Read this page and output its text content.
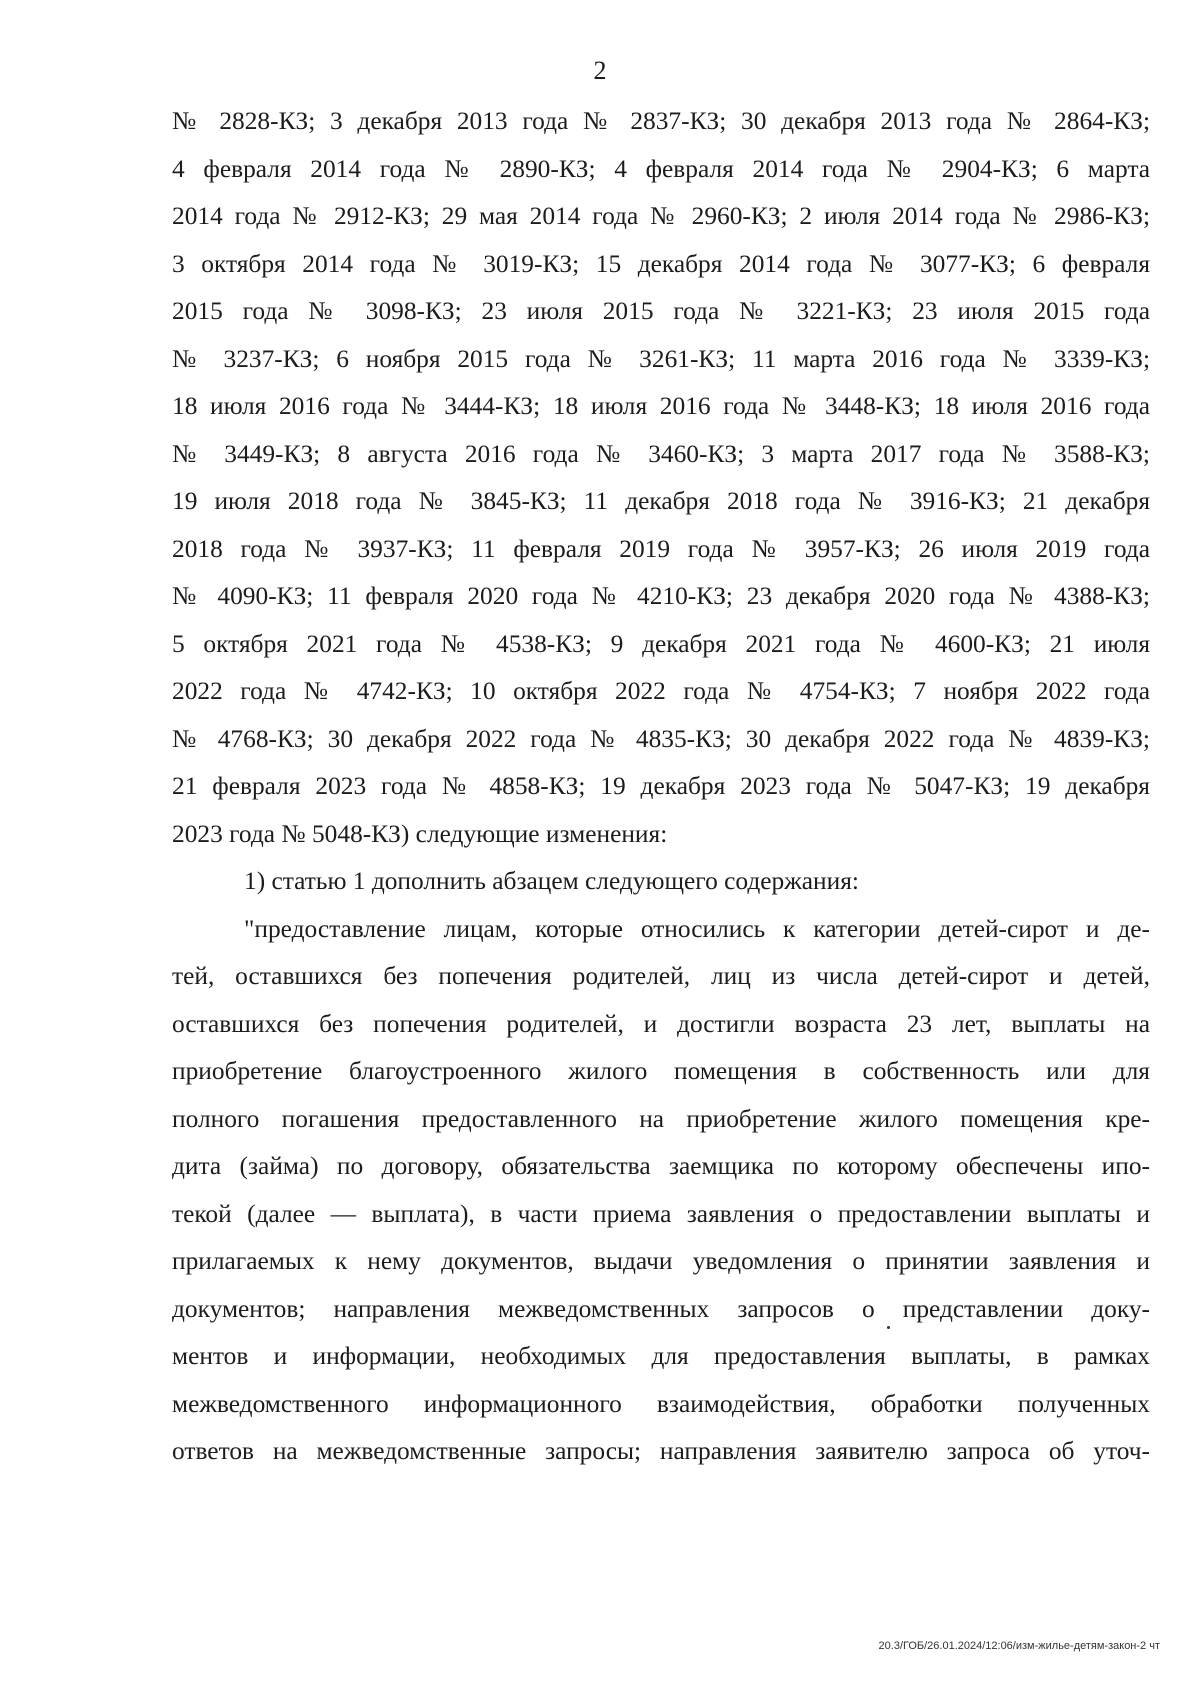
2
№ 2828-КЗ; 3 декабря 2013 года № 2837-КЗ; 30 декабря 2013 года № 2864-КЗ;
4 февраля 2014 года № 2890-КЗ; 4 февраля 2014 года № 2904-КЗ; 6 марта
2014 года № 2912-КЗ; 29 мая 2014 года № 2960-КЗ; 2 июля 2014 года № 2986-КЗ;
3 октября 2014 года № 3019-КЗ; 15 декабря 2014 года № 3077-КЗ; 6 февраля
2015 года № 3098-КЗ; 23 июля 2015 года № 3221-КЗ; 23 июля 2015 года
№ 3237-КЗ; 6 ноября 2015 года № 3261-КЗ; 11 марта 2016 года № 3339-КЗ;
18 июля 2016 года № 3444-КЗ; 18 июля 2016 года № 3448-КЗ; 18 июля 2016 года
№ 3449-КЗ; 8 августа 2016 года № 3460-КЗ; 3 марта 2017 года № 3588-КЗ;
19 июля 2018 года № 3845-КЗ; 11 декабря 2018 года № 3916-КЗ; 21 декабря
2018 года № 3937-КЗ; 11 февраля 2019 года № 3957-КЗ; 26 июля 2019 года
№ 4090-КЗ; 11 февраля 2020 года № 4210-КЗ; 23 декабря 2020 года № 4388-КЗ;
5 октября 2021 года № 4538-КЗ; 9 декабря 2021 года № 4600-КЗ; 21 июля
2022 года № 4742-КЗ; 10 октября 2022 года № 4754-КЗ; 7 ноября 2022 года
№ 4768-КЗ; 30 декабря 2022 года № 4835-КЗ; 30 декабря 2022 года № 4839-КЗ;
21 февраля 2023 года № 4858-КЗ; 19 декабря 2023 года № 5047-КЗ; 19 декабря
2023 года № 5048-КЗ) следующие изменения:
1) статью 1 дополнить абзацем следующего содержания:
"предоставление лицам, которые относились к категории детей-сирот и де-
тей, оставшихся без попечения родителей, лиц из числа детей-сирот и детей,
оставшихся без попечения родителей, и достигли возраста 23 лет, выплаты на
приобретение благоустроенного жилого помещения в собственность или для
полного погашения предоставленного на приобретение жилого помещения кре-
дита (займа) по договору, обязательства заемщика по которому обеспечены ипо-
текой (далее — выплата), в части приема заявления о предоставлении выплаты и
прилагаемых к нему документов, выдачи уведомления о принятии заявления и
документов; направления межведомственных запросов о представлении доку-
ментов и информации, необходимых для предоставления выплаты, в рамках
межведомственного информационного взаимодействия, обработки полученных
ответов на межведомственные запросы; направления заявителю запроса об уточ-
20.3/ГОБ/26.01.2024/12:06/изм-жилье-детям-закон-2 чт
